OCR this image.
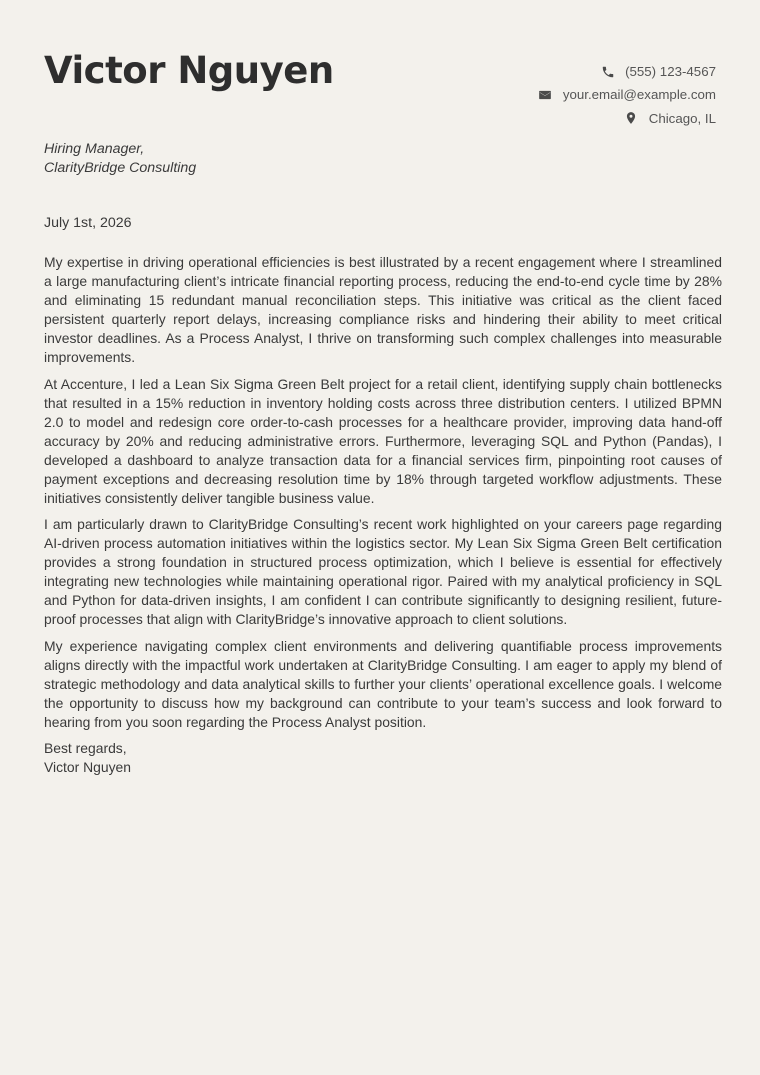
Victor Nguyen	(555) 123-4567
your.email@example.com
Chicago, IL
Hiring Manager,
ClarityBridge Consulting
July 1st, 2026

My expertise in driving operational efficiencies is best illustrated by a recent engagement where I streamlined a large manufacturing client’s intricate financial reporting process, reducing the end-to-end cycle time by 28% and eliminating 15 redundant manual reconciliation steps. This initiative was critical as the client faced persistent quarterly report delays, increasing compliance risks and hindering their ability to meet critical investor deadlines. As a Process Analyst, I thrive on transforming such complex challenges into measurable improvements.

At Accenture, I led a Lean Six Sigma Green Belt project for a retail client, identifying supply chain bottlenecks that resulted in a 15% reduction in inventory holding costs across three distribution centers. I utilized BPMN 2.0 to model and redesign core order-to-cash processes for a healthcare provider, improving data hand-off accuracy by 20% and reducing administrative errors. Furthermore, leveraging SQL and Python (Pandas), I developed a dashboard to analyze transaction data for a financial services firm, pinpointing root causes of payment exceptions and decreasing resolution time by 18% through targeted workflow adjustments. These initiatives consistently deliver tangible business value.

I am particularly drawn to ClarityBridge Consulting’s recent work highlighted on your careers page regarding AI-driven process automation initiatives within the logistics sector. My Lean Six Sigma Green Belt certification provides a strong foundation in structured process optimization, which I believe is essential for effectively integrating new technologies while maintaining operational rigor. Paired with my analytical proficiency in SQL and Python for data-driven insights, I am confident I can contribute significantly to designing resilient, future-proof processes that align with ClarityBridge’s innovative approach to client solutions.

My experience navigating complex client environments and delivering quantifiable process improvements aligns directly with the impactful work undertaken at ClarityBridge Consulting. I am eager to apply my blend of strategic methodology and data analytical skills to further your clients’ operational excellence goals. I welcome the opportunity to discuss how my background can contribute to your team’s success and look forward to hearing from you soon regarding the Process Analyst position.

Best regards,
Victor Nguyen
